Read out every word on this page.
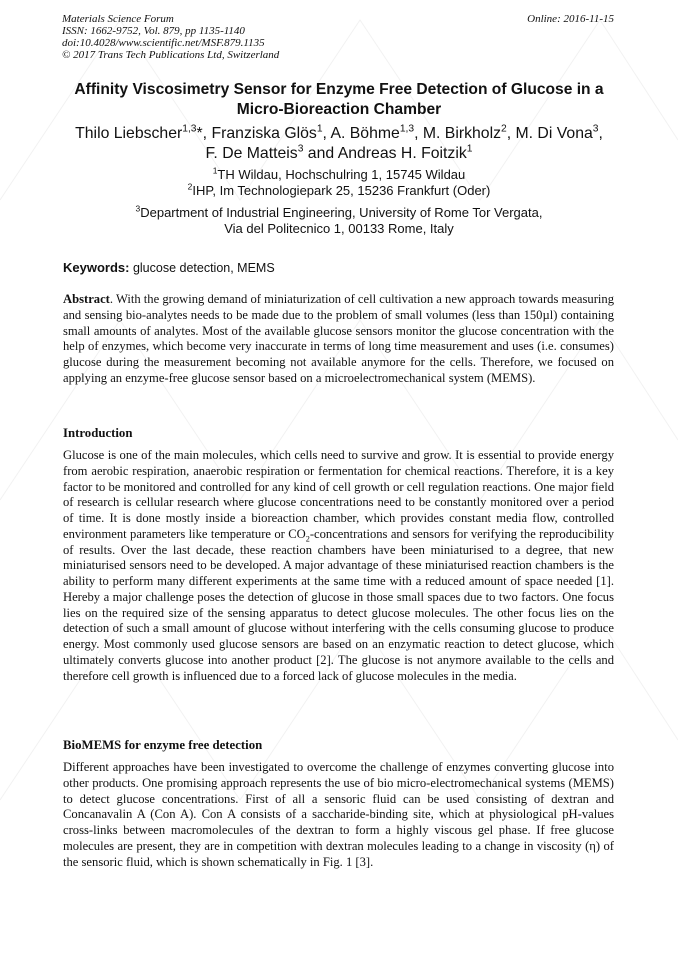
Materials Science Forum
ISSN: 1662-9752, Vol. 879, pp 1135-1140
doi:10.4028/www.scientific.net/MSF.879.1135
© 2017 Trans Tech Publications Ltd, Switzerland
Online: 2016-11-15
Affinity Viscosimetry Sensor for Enzyme Free Detection of Glucose in a
Micro-Bioreaction Chamber
Thilo Liebscher$^{1,3}$*, Franziska Glös$^1$, A. Böhme$^{1,3}$, M. Birkholz$^2$, M. Di Vona$^3$,
F. De Matteis$^3$ and Andreas H. Foitzik$^1$
$^1$TH Wildau, Hochschulring 1, 15745 Wildau
$^2$IHP, Im Technologiepark 25, 15236 Frankfurt (Oder)
$^3$Department of Industrial Engineering, University of Rome Tor Vergata,
Via del Politecnico 1, 00133 Rome, Italy
Keywords: glucose detection, MEMS
Abstract. With the growing demand of miniaturization of cell cultivation a new approach towards measuring and sensing bio-analytes needs to be made due to the problem of small volumes (less than 150µl) containing small amounts of analytes. Most of the available glucose sensors monitor the glucose concentration with the help of enzymes, which become very inaccurate in terms of long time measurement and uses (i.e. consumes) glucose during the measurement becoming not available anymore for the cells. Therefore, we focused on applying an enzyme-free glucose sensor based on a microelectromechanical system (MEMS).
Introduction
Glucose is one of the main molecules, which cells need to survive and grow. It is essential to provide energy from aerobic respiration, anaerobic respiration or fermentation for chemical reactions. Therefore, it is a key factor to be monitored and controlled for any kind of cell growth or cell regulation reactions. One major field of research is cellular research where glucose concentrations need to be constantly monitored over a period of time. It is done mostly inside a bioreaction chamber, which provides constant media flow, controlled environment parameters like temperature or $CO_2$-concentrations and sensors for verifying the reproducibility of results. Over the last decade, these reaction chambers have been miniaturised to a degree, that new miniaturised sensors need to be developed. A major advantage of these miniaturised reaction chambers is the ability to perform many different experiments at the same time with a reduced amount of space needed [1]. Hereby a major challenge poses the detection of glucose in those small spaces due to two factors. One focus lies on the required size of the sensing apparatus to detect glucose molecules. The other focus lies on the detection of such a small amount of glucose without interfering with the cells consuming glucose to produce energy. Most commonly used glucose sensors are based on an enzymatic reaction to detect glucose, which ultimately converts glucose into another product [2]. The glucose is not anymore available to the cells and therefore cell growth is influenced due to a forced lack of glucose molecules in the media.
BioMEMS for enzyme free detection
Different approaches have been investigated to overcome the challenge of enzymes converting glucose into other products. One promising approach represents the use of bio micro-electromechanical systems (MEMS) to detect glucose concentrations. First of all a sensoric fluid can be used consisting of dextran and Concanavalin A (Con A). Con A consists of a saccharide-binding site, which at physiological pH-values cross-links between macromolecules of the dextran to form a highly viscous gel phase. If free glucose molecules are present, they are in competition with dextran molecules leading to a change in viscosity (η) of the sensoric fluid, which is shown schematically in Fig. 1 [3].
